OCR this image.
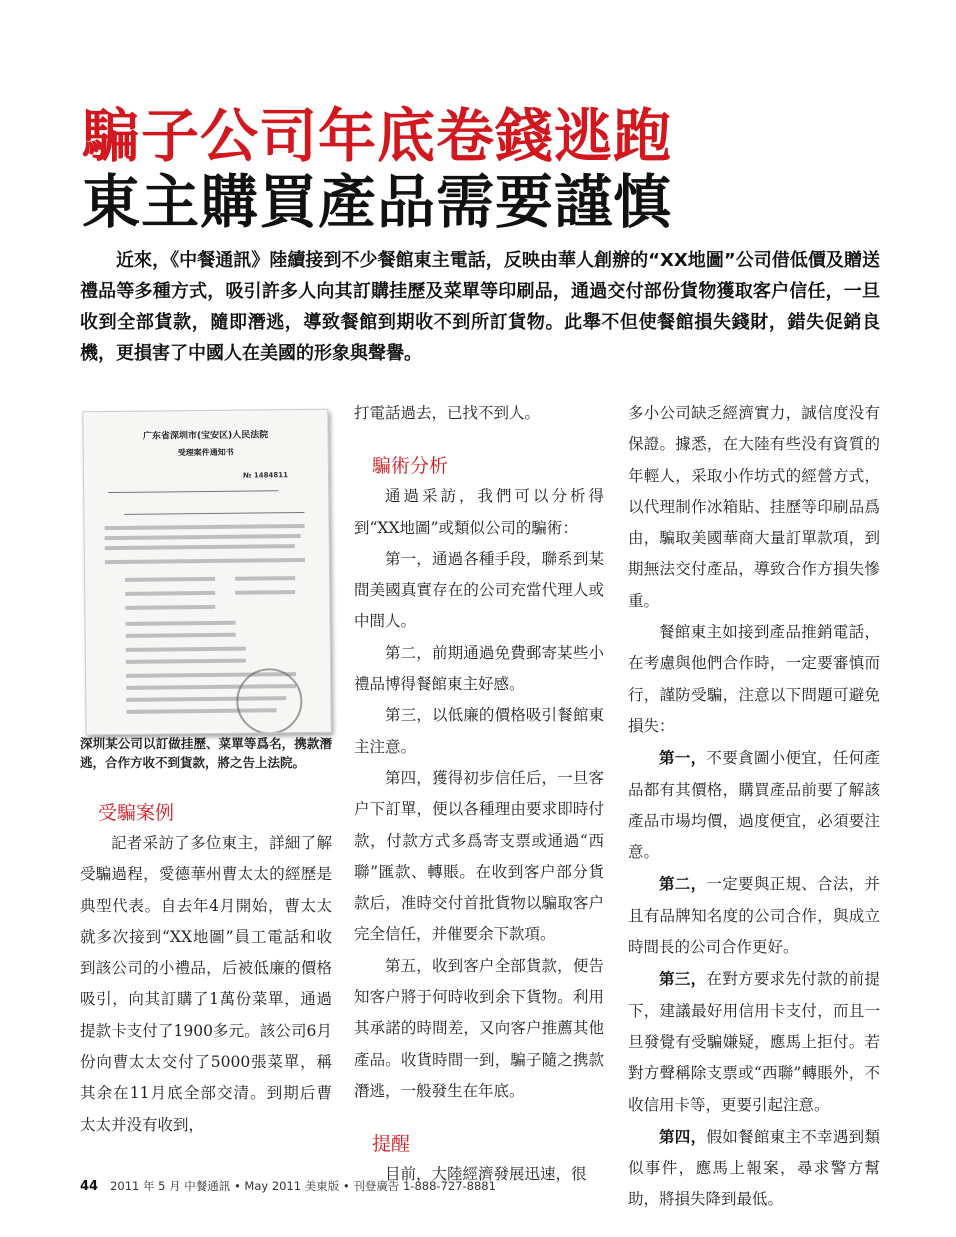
騙子公司年底卷錢逃跑
東主購買產品需要謹慎

近來，《中餐通訊》陸續接到不少餐館東主電話，反映由華人創辦的“XX地圖”公司借低價及贈送禮品等多種方式，吸引許多人向其訂購挂歷及菜單等印刷品，通過交付部份貨物獲取客户信任，一旦收到全部貨款，隨即潛逃，導致餐館到期收不到所訂貨物。此舉不但使餐館損失錢財，錯失促銷良機，更損害了中國人在美國的形象與聲譽。

广东省深圳市(宝安区)人民法院
受理案件通知书
№ 1484811

深圳某公司以訂做挂歷、菜單等爲名，携款潛逃，合作方收不到貨款，將之告上法院。

受騙案例

記者采訪了多位東主，詳細了解受騙過程，愛德華州曹太太的經歷是典型代表。自去年4月開始，曹太太就多次接到“XX地圖”員工電話和收到該公司的小禮品，后被低廉的價格吸引，向其訂購了1萬份菜單，通過提款卡支付了1900多元。該公司6月份向曹太太交付了5000張菜單，稱其余在11月底全部交清。到期后曹太太并没有收到，

打電話過去，已找不到人。

騙術分析

通過采訪，我們可以分析得到“XX地圖”或類似公司的騙術：

第一，通過各種手段，聯系到某間美國真實存在的公司充當代理人或中間人。

第二，前期通過免費郵寄某些小禮品博得餐館東主好感。

第三，以低廉的價格吸引餐館東主注意。

第四，獲得初步信任后，一旦客户下訂單，便以各種理由要求即時付款，付款方式多爲寄支票或通過“西聯”匯款、轉賬。在收到客户部分貨款后，准時交付首批貨物以騙取客户完全信任，并催要余下款項。

第五，收到客户全部貨款，便告知客户將于何時收到余下貨物。利用其承諾的時間差，又向客户推薦其他產品。收貨時間一到，騙子隨之携款潛逃，一般發生在年底。

提醒

目前，大陸經濟發展迅速，很

多小公司缺乏經濟實力，誠信度没有保證。據悉，在大陸有些没有資質的年輕人，采取小作坊式的經營方式，以代理制作冰箱貼、挂歷等印刷品爲由，騙取美國華商大量訂單款項，到期無法交付產品，導致合作方損失慘重。

餐館東主如接到產品推銷電話，在考慮與他們合作時，一定要審慎而行，謹防受騙，注意以下問題可避免損失：

第一，不要貪圖小便宜，任何產品都有其價格，購買產品前要了解該產品市場均價，過度便宜，必須要注意。

第二，一定要與正規、合法，并且有品牌知名度的公司合作，與成立時間長的公司合作更好。

第三，在對方要求先付款的前提下，建議最好用信用卡支付，而且一旦發覺有受騙嫌疑，應馬上拒付。若對方聲稱除支票或“西聯”轉賬外，不收信用卡等，更要引起注意。

第四，假如餐館東主不幸遇到類似事件，應馬上報案，尋求警方幫助，將損失降到最低。

44 2011 年 5 月 中餐通訊 • May 2011 美東版 • 刊登廣告 1-888-727-8881
